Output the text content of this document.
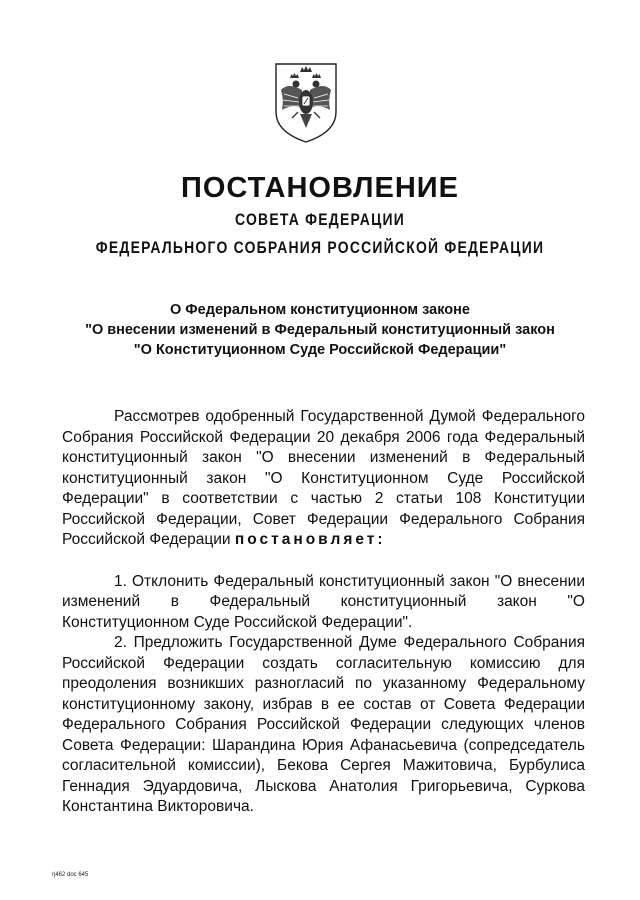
ПОСТАНОВЛЕНИЕ
СОВЕТА ФЕДЕРАЦИИ
ФЕДЕРАЛЬНОГО СОБРАНИЯ РОССИЙСКОЙ ФЕДЕРАЦИИ
О Федеральном конституционном законе
"О внесении изменений в Федеральный конституционный закон
"О Конституционном Суде Российской Федерации"

Рассмотрев одобренный Государственной Думой Федерального Собрания Российской Федерации 20 декабря 2006 года Федеральный конституционный закон "О внесении изменений в Федеральный конституционный закон "О Конституционном Суде Российской Федерации" в соответствии с частью 2 статьи 108 Конституции Российской Федерации, Совет Федерации Федерального Собрания Российской Федерации постановляет:

1. Отклонить Федеральный конституционный закон "О внесении изменений в Федеральный конституционный закон "О Конституционном Суде Российской Федерации".

2. Предложить Государственной Думе Федерального Собрания Российской Федерации создать согласительную комиссию для преодоления возникших разногласий по указанному Федеральному конституционному закону, избрав в ее состав от Совета Федерации Федерального Собрания Российской Федерации следующих членов Совета Федерации: Шарандина Юрия Афанасьевича (сопредседатель согласительной комиссии), Бекова Сергея Мажитовича, Бурбулиса Геннадия Эдуардовича, Лыскова Анатолия Григорьевича, Суркова Константина Викторовича.

rj462 doc 645
